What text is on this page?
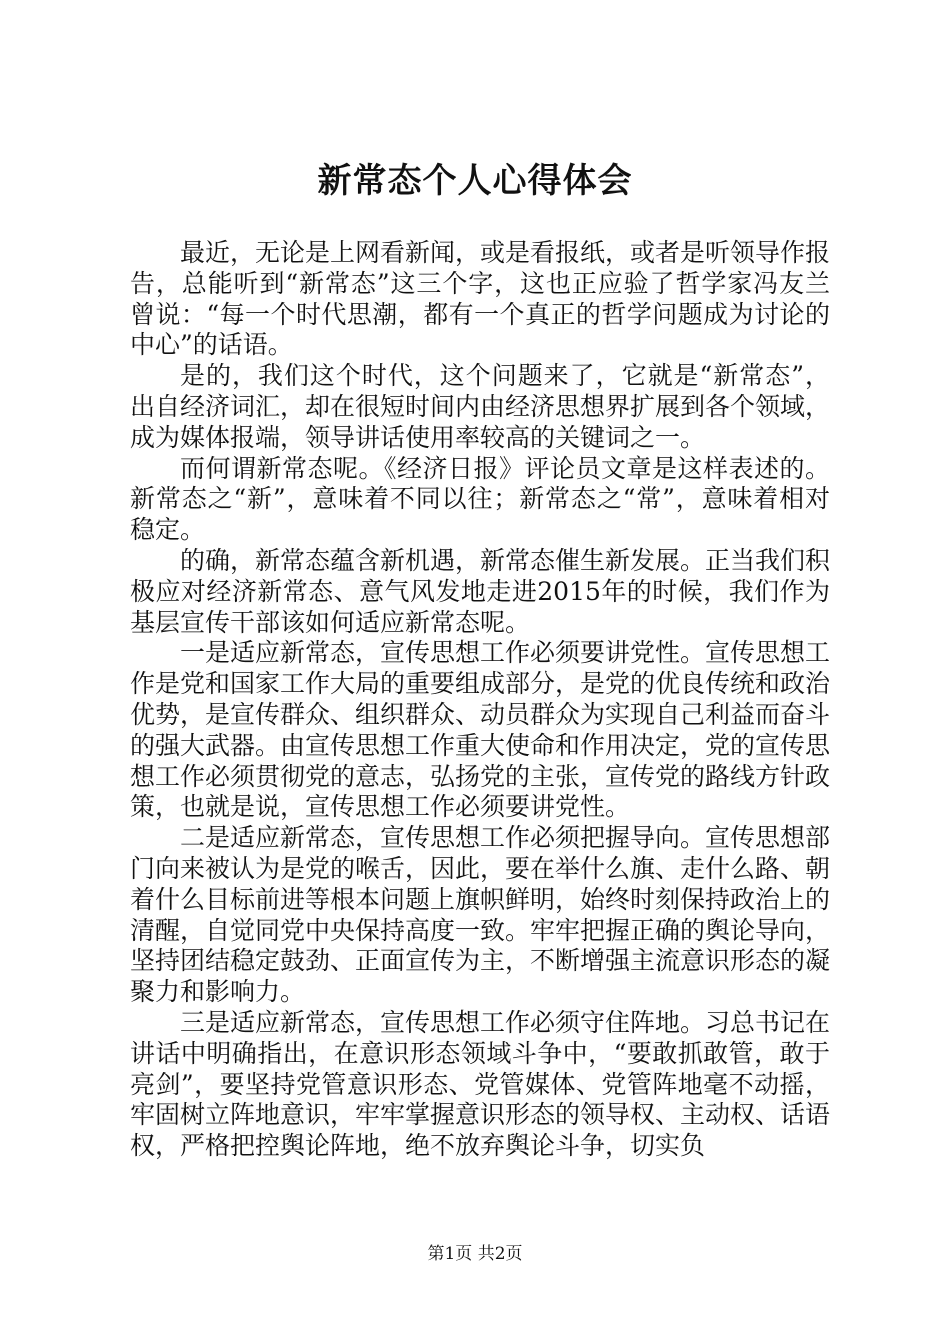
新常态个人心得体会

最近，无论是上网看新闻，或是看报纸，或者是听领导作报告，总能听到“新常态”这三个字，这也正应验了哲学家冯友兰曾说：“每一个时代思潮，都有一个真正的哲学问题成为讨论的中心”的话语。

是的，我们这个时代，这个问题来了，它就是“新常态”，出自经济词汇，却在很短时间内由经济思想界扩展到各个领域，成为媒体报端，领导讲话使用率较高的关键词之一。

而何谓新常态呢。《经济日报》评论员文章是这样表述的。新常态之“新”，意味着不同以往；新常态之“常”，意味着相对稳定。

的确，新常态蕴含新机遇，新常态催生新发展。正当我们积极应对经济新常态、意气风发地走进2015年的时候，我们作为基层宣传干部该如何适应新常态呢。

一是适应新常态，宣传思想工作必须要讲党性。宣传思想工作是党和国家工作大局的重要组成部分，是党的优良传统和政治优势，是宣传群众、组织群众、动员群众为实现自己利益而奋斗的强大武器。由宣传思想工作重大使命和作用决定，党的宣传思想工作必须贯彻党的意志，弘扬党的主张，宣传党的路线方针政策，也就是说，宣传思想工作必须要讲党性。

二是适应新常态，宣传思想工作必须把握导向。宣传思想部门向来被认为是党的喉舌，因此，要在举什么旗、走什么路、朝着什么目标前进等根本问题上旗帜鲜明，始终时刻保持政治上的清醒，自觉同党中央保持高度一致。牢牢把握正确的舆论导向，坚持团结稳定鼓劲、正面宣传为主，不断增强主流意识形态的凝聚力和影响力。

三是适应新常态，宣传思想工作必须守住阵地。习总书记在讲话中明确指出，在意识形态领域斗争中，“要敢抓敢管，敢于亮剑”，要坚持党管意识形态、党管媒体、党管阵地毫不动摇，牢固树立阵地意识，牢牢掌握意识形态的领导权、主动权、话语权，严格把控舆论阵地，绝不放弃舆论斗争，切实负

第1页 共2页
